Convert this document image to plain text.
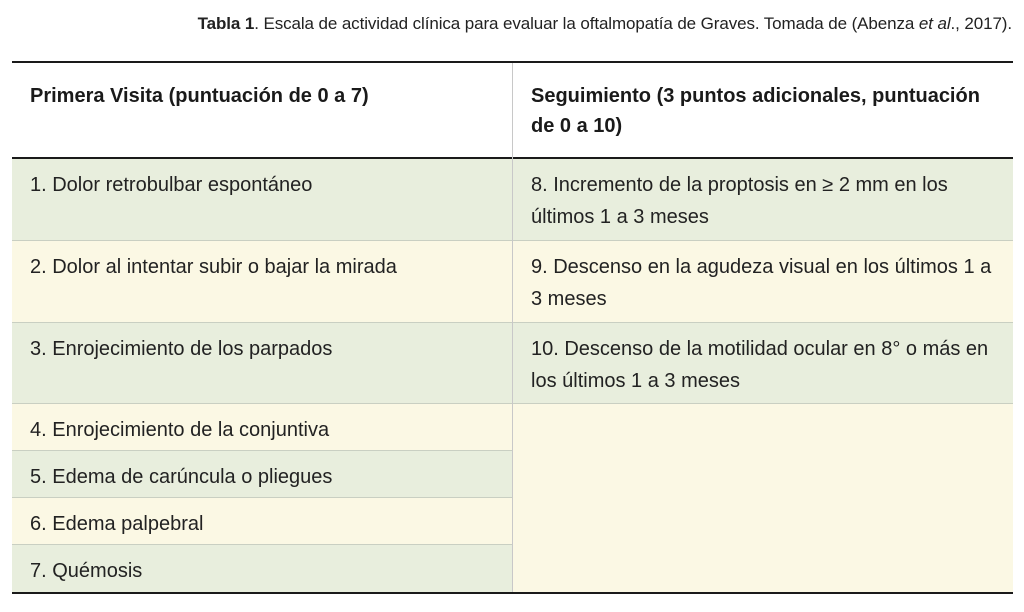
Tabla 1. Escala de actividad clínica para evaluar la oftalmopatía de Graves. Tomada de (Abenza et al., 2017).
Primera Visita (puntuación de 0 a 7)	Seguimiento (3 puntos adicionales, puntuación de 0 a 10)
1. Dolor retrobulbar espontáneo
2. Dolor al intentar subir o bajar la mirada
3. Enrojecimiento de los parpados
4. Enrojecimiento de la conjuntiva
5. Edema de carúncula o pliegues
6. Edema palpebral
7. Quémosis
8. Incremento de la proptosis en ≥ 2 mm en los últimos 1 a 3 meses
9. Descenso en la agudeza visual en los últimos 1 a 3 meses
10. Descenso de la motilidad ocular en 8° o más en los últimos 1 a 3 meses
